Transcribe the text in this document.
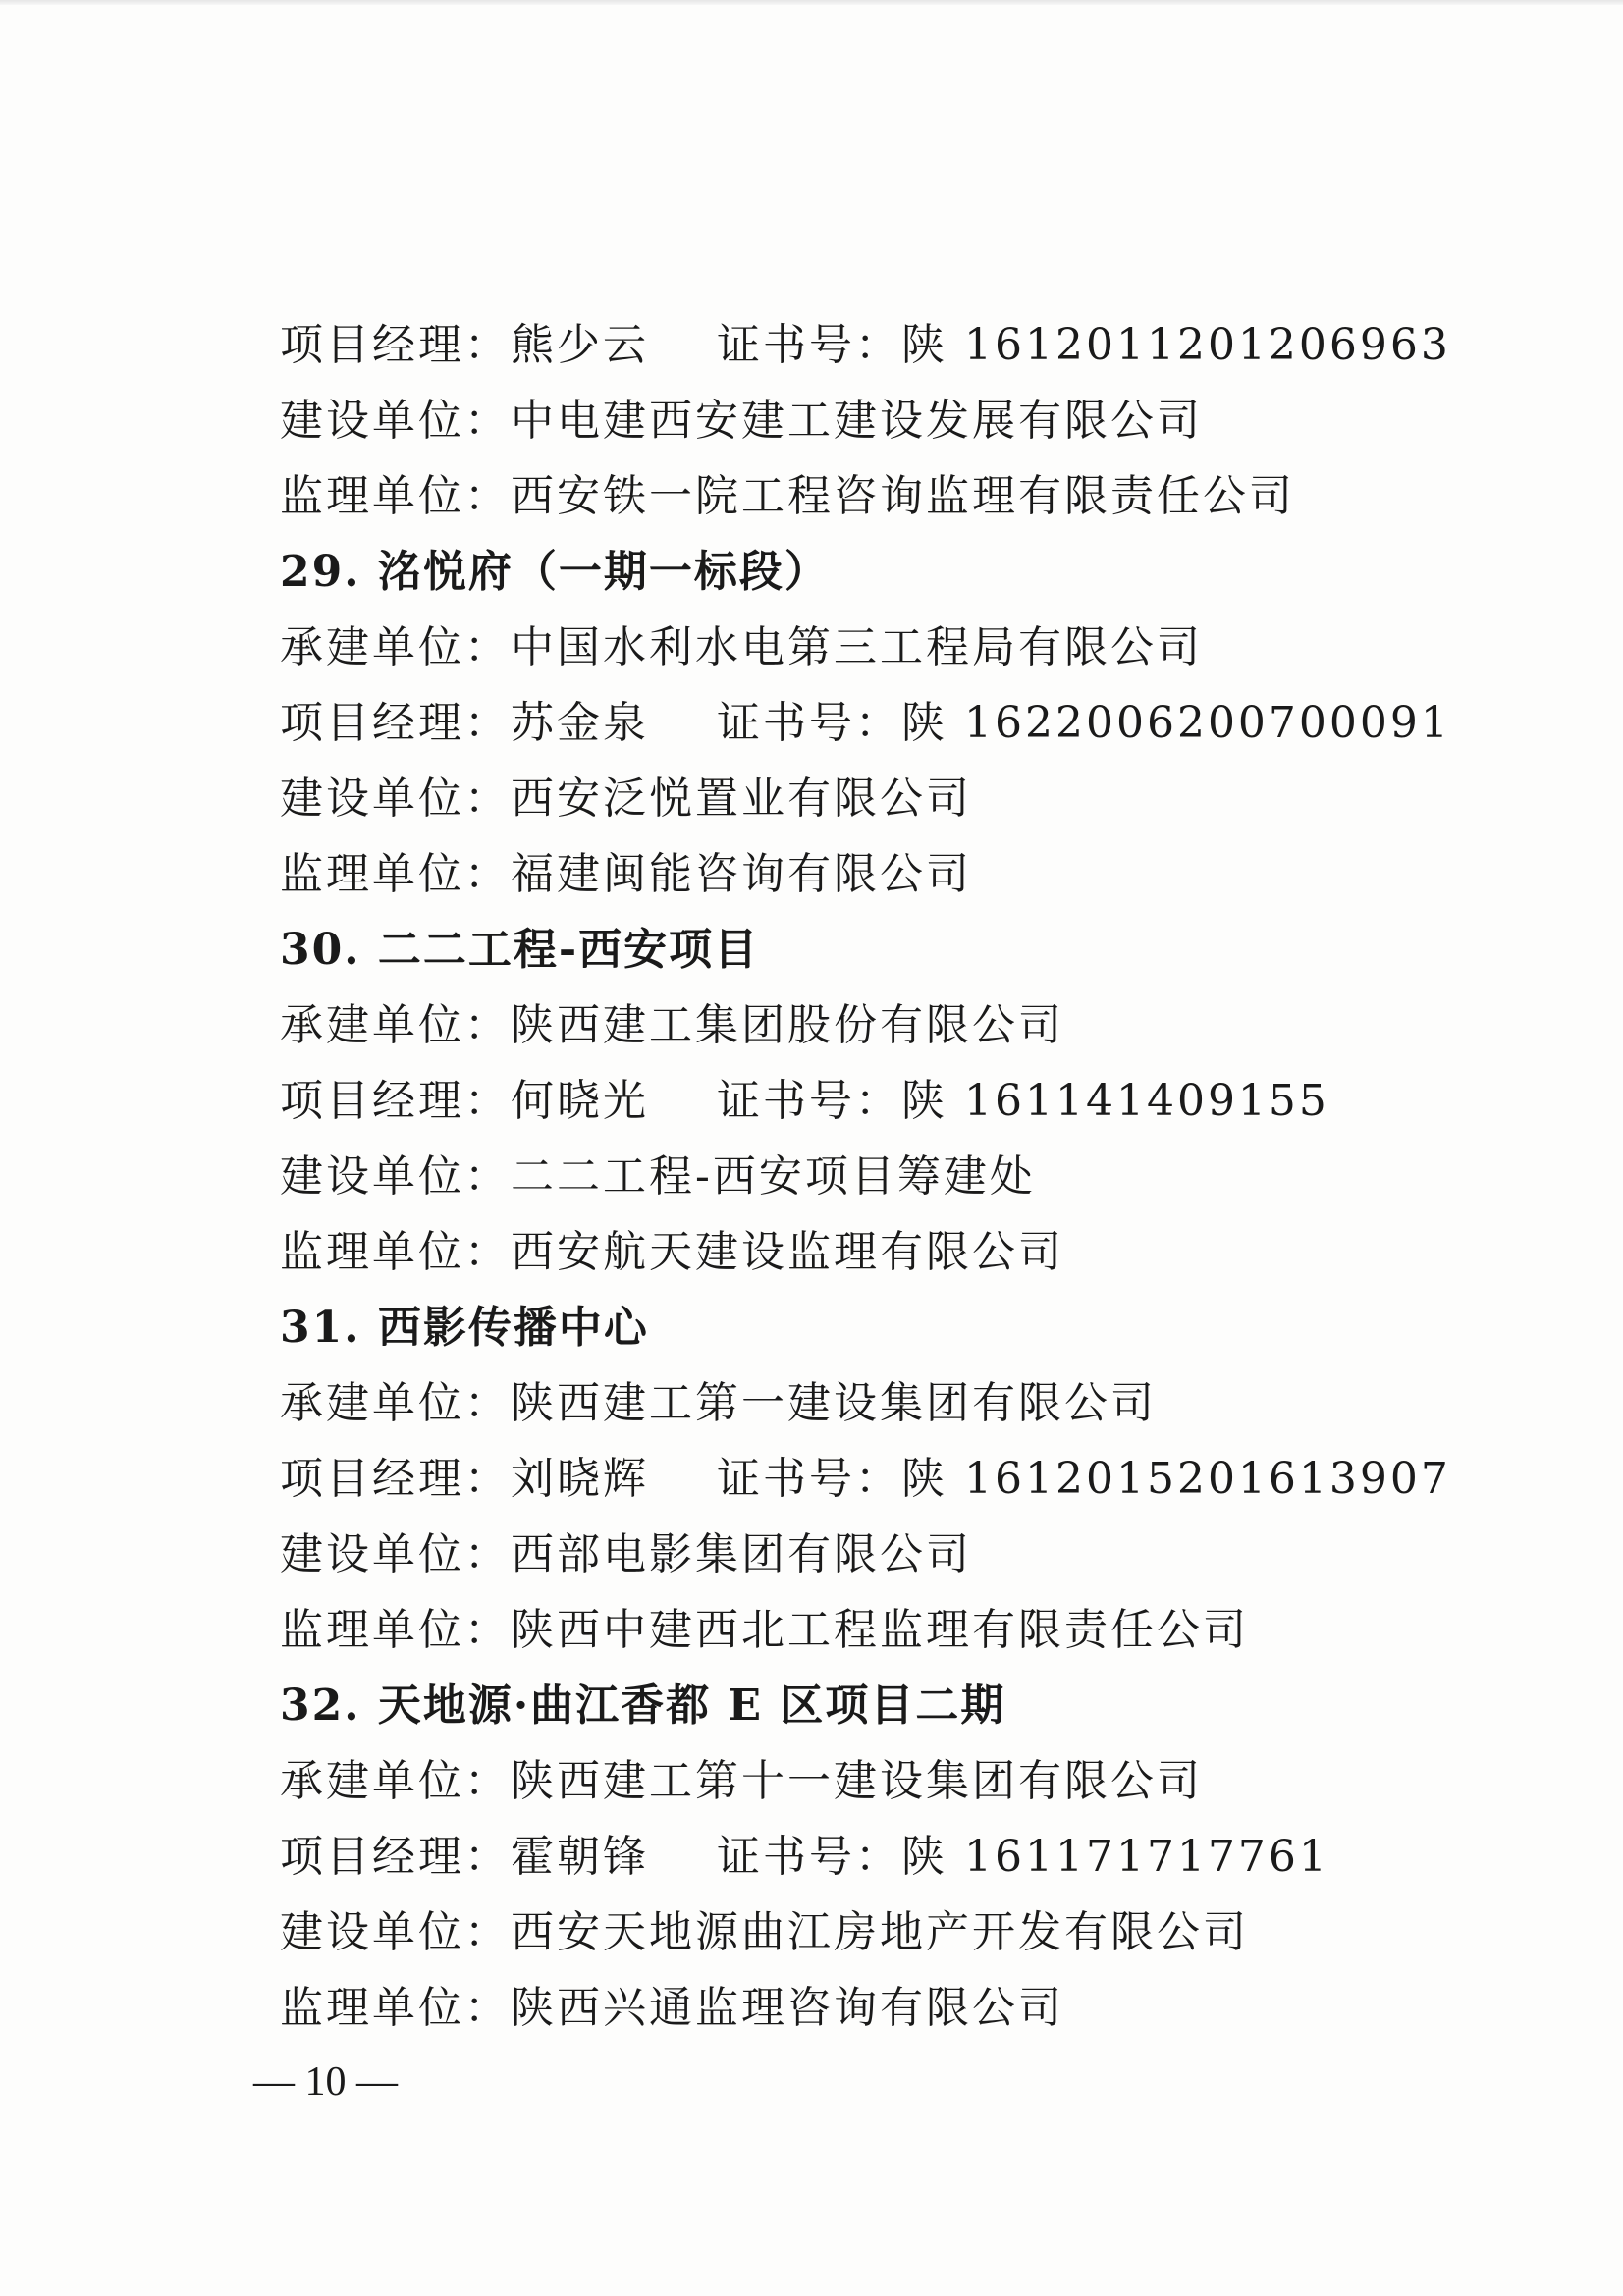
项目经理：熊少云 证书号：陕 1612011201206963
建设单位：中电建西安建工建设发展有限公司
监理单位：西安铁一院工程咨询监理有限责任公司
29. 洺悦府（一期一标段）
承建单位：中国水利水电第三工程局有限公司
项目经理：苏金泉 证书号：陕 1622006200700091
建设单位：西安泛悦置业有限公司
监理单位：福建闽能咨询有限公司
30. 二二工程-西安项目
承建单位：陕西建工集团股份有限公司
项目经理：何晓光 证书号：陕 161141409155
建设单位：二二工程-西安项目筹建处
监理单位：西安航天建设监理有限公司
31. 西影传播中心
承建单位：陕西建工第一建设集团有限公司
项目经理：刘晓辉 证书号：陕 1612015201613907
建设单位：西部电影集团有限公司
监理单位：陕西中建西北工程监理有限责任公司
32. 天地源·曲江香都 E 区项目二期
承建单位：陕西建工第十一建设集团有限公司
项目经理：霍朝锋 证书号：陕 161171717761
建设单位：西安天地源曲江房地产开发有限公司
监理单位：陕西兴通监理咨询有限公司
— 10 —
